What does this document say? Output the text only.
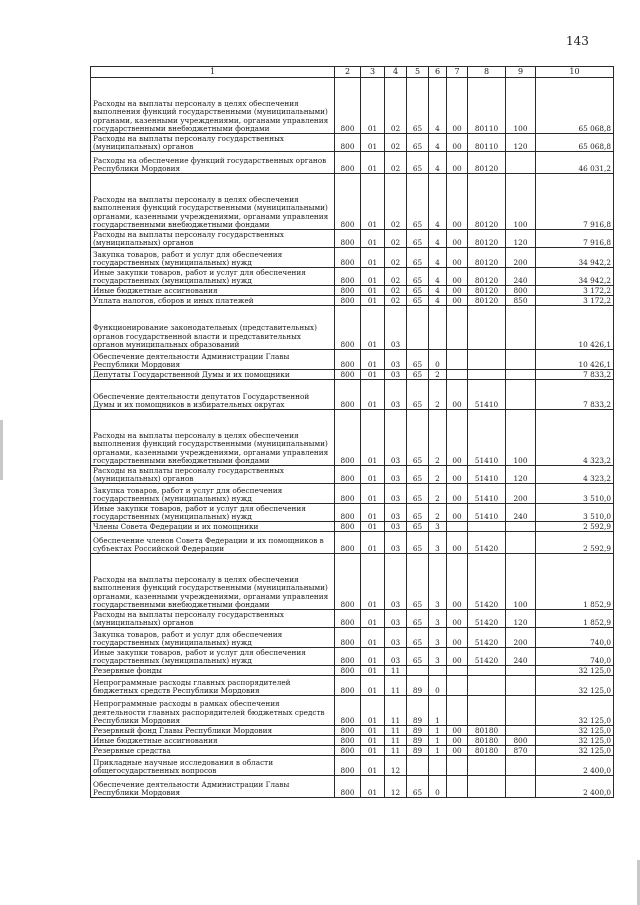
143
1	2	3	4	5	6	7	8	9	10
Расходы на выплаты персоналу в целях обеспечения выполнения функций государственными (муниципальными) органами, казенными учреждениями, органами управления государственными внебюджетными фондами	800	01	02	65	4	00	80110	100	65 068,8
Расходы на выплаты персоналу государственных (муниципальных) органов	800	01	02	65	4	00	80110	120	65 068,8
Расходы на обеспечение функций государственных органов Республики Мордовия	800	01	02	65	4	00	80120		46 031,2
Расходы на выплаты персоналу в целях обеспечения выполнения функций государственными (муниципальными) органами, казенными учреждениями, органами управления государственными внебюджетными фондами	800	01	02	65	4	00	80120	100	7 916,8
Расходы на выплаты персоналу государственных (муниципальных) органов	800	01	02	65	4	00	80120	120	7 916,8
Закупка товаров, работ и услуг для обеспечения государственных (муниципальных) нужд	800	01	02	65	4	00	80120	200	34 942,2
Иные закупки товаров, работ и услуг для обеспечения государственных (муниципальных) нужд	800	01	02	65	4	00	80120	240	34 942,2
Иные бюджетные ассигнования	800	01	02	65	4	00	80120	800	3 172,2
Уплата налогов, сборов и иных платежей	800	01	02	65	4	00	80120	850	3 172,2
Функционирование законодательных (представительных) органов государственной власти и представительных органов муниципальных образований	800	01	03						10 426,1
Обеспечение деятельности Администрации Главы Республики Мордовия	800	01	03	65	0				10 426,1
Депутаты Государственной Думы и их помощники	800	01	03	65	2				7 833,2
Обеспечение деятельности депутатов Государственной Думы и их помощников в избирательных округах	800	01	03	65	2	00	51410		7 833,2
Расходы на выплаты персоналу в целях обеспечения выполнения функций государственными (муниципальными) органами, казенными учреждениями, органами управления государственными внебюджетными фондами	800	01	03	65	2	00	51410	100	4 323,2
Расходы на выплаты персоналу государственных (муниципальных) органов	800	01	03	65	2	00	51410	120	4 323,2
Закупка товаров, работ и услуг для обеспечения государственных (муниципальных) нужд	800	01	03	65	2	00	51410	200	3 510,0
Иные закупки товаров, работ и услуг для обеспечения государственных (муниципальных) нужд	800	01	03	65	2	00	51410	240	3 510,0
Члены Совета Федерации и их помощники	800	01	03	65	3				2 592,9
Обеспечение членов Совета Федерации и их помощников в субъектах Российской Федерации	800	01	03	65	3	00	51420		2 592,9
Расходы на выплаты персоналу в целях обеспечения выполнения функций государственными (муниципальными) органами, казенными учреждениями, органами управления государственными внебюджетными фондами	800	01	03	65	3	00	51420	100	1 852,9
Расходы на выплаты персоналу государственных (муниципальных) органов	800	01	03	65	3	00	51420	120	1 852,9
Закупка товаров, работ и услуг для обеспечения государственных (муниципальных) нужд	800	01	03	65	3	00	51420	200	740,0
Иные закупки товаров, работ и услуг для обеспечения государственных (муниципальных) нужд	800	01	03	65	3	00	51420	240	740,0
Резервные фонды	800	01	11						32 125,0
Непрограммные расходы главных распорядителей бюджетных средств Республики Мордовия	800	01	11	89	0				32 125,0
Непрограммные расходы в рамках обеспечения деятельности главных распорядителей бюджетных средств Республики Мордовия	800	01	11	89	1				32 125,0
Резервный фонд Главы Республики Мордовия	800	01	11	89	1	00	80180		32 125,0
Иные бюджетные ассигнования	800	01	11	89	1	00	80180	800	32 125,0
Резервные средства	800	01	11	89	1	00	80180	870	32 125,0
Прикладные научные исследования в области общегосударственных вопросов	800	01	12						2 400,0
Обеспечение деятельности Администрации Главы Республики Мордовия	800	01	12	65	0				2 400,0
